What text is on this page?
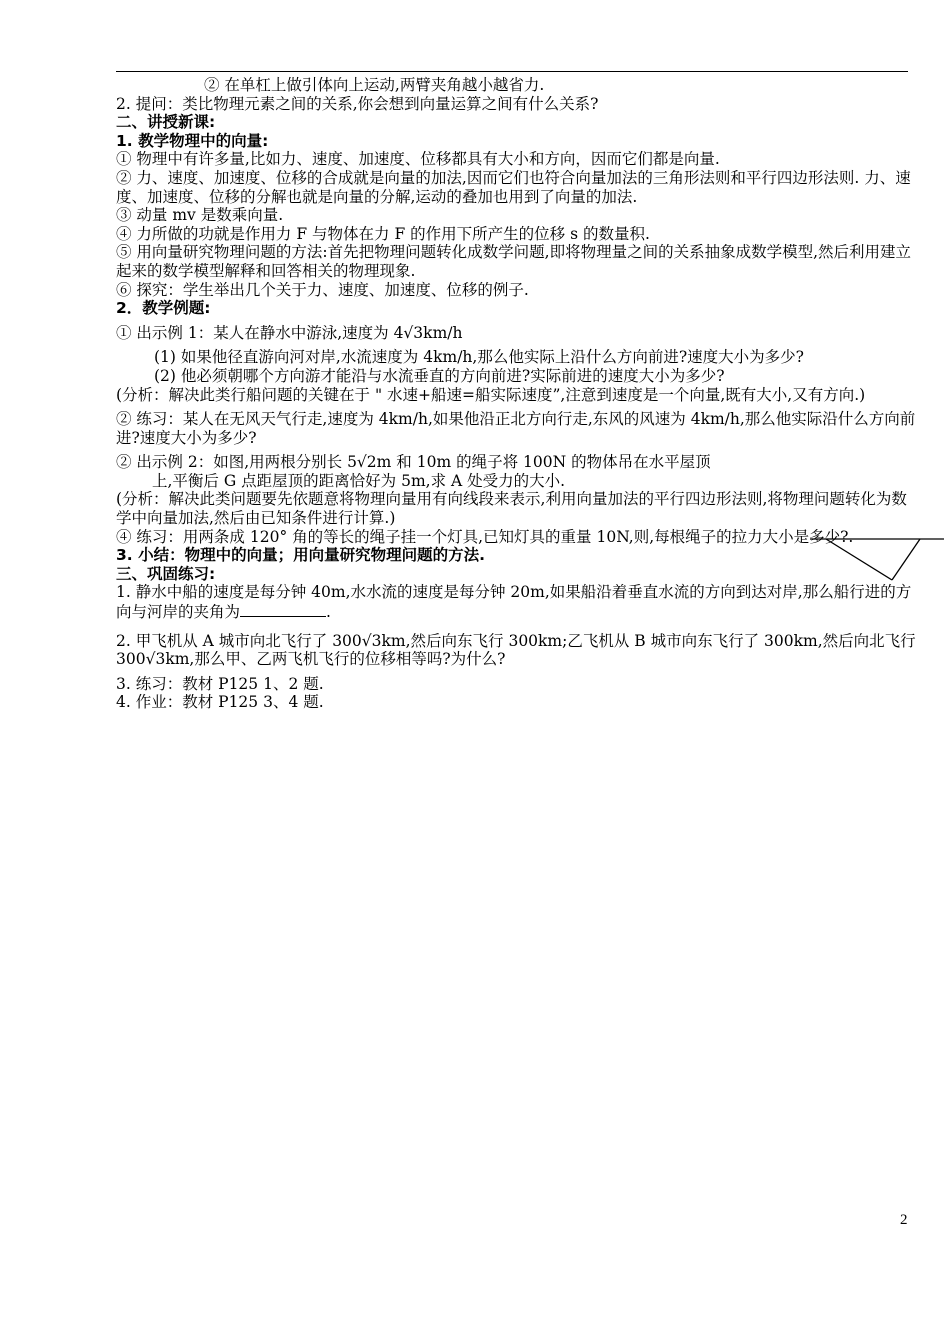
② 在单杠上做引体向上运动,两臂夹角越小越省力.

2. 提问：类比物理元素之间的关系,你会想到向量运算之间有什么关系?

二、讲授新课:

1. 教学物理中的向量:

① 物理中有许多量,比如力、速度、加速度、位移都具有大小和方向，因而它们都是向量.

② 力、速度、加速度、位移的合成就是向量的加法,因而它们也符合向量加法的三角形法则和平行四边形法则. 力、速度、加速度、位移的分解也就是向量的分解,运动的叠加也用到了向量的加法.

③ 动量 mv 是数乘向量.

④ 力所做的功就是作用力 F 与物体在力 F 的作用下所产生的位移 s 的数量积.

⑤ 用向量研究物理问题的方法:首先把物理问题转化成数学问题,即将物理量之间的关系抽象成数学模型,然后利用建立起来的数学模型解释和回答相关的物理现象.

⑥ 探究：学生举出几个关于力、速度、加速度、位移的例子.

2．教学例题:

① 出示例 1：某人在静水中游泳,速度为 4√3km/h

(1) 如果他径直游向河对岸,水流速度为 4km/h,那么他实际上沿什么方向前进?速度大小为多少?

(2) 他必须朝哪个方向游才能沿与水流垂直的方向前进?实际前进的速度大小为多少?

(分析：解决此类行船问题的关键在于 " 水速+船速=船实际速度”,注意到速度是一个向量,既有大小,又有方向.)

② 练习：某人在无风天气行走,速度为 4km/h,如果他沿正北方向行走,东风的风速为 4km/h,那么他实际沿什么方向前进?速度大小为多少?

② 出示例 2：如图,用两根分别长 5√2m 和 10m 的绳子将 100N 的物体吊在水平屋顶

上,平衡后 G 点距屋顶的距离恰好为 5m,求 A 处受力的大小.

(分析：解决此类问题要先依题意将物理向量用有向线段来表示,利用向量加法的平行四边形法则,将物理问题转化为数学中向量加法,然后由已知条件进行计算.)

④ 练习：用两条成 120° 角的等长的绳子挂一个灯具,已知灯具的重量 10N,则,每根绳子的拉力大小是多少?.

3. 小结：物理中的向量；用向量研究物理问题的方法.

三、巩固练习:

1. 静水中船的速度是每分钟 40m,水水流的速度是每分钟 20m,如果船沿着垂直水流的方向到达对岸,那么船行进的方向与河岸的夹角为	.

2. 甲飞机从 A 城市向北飞行了 300√3km,然后向东飞行 300km;乙飞机从 B 城市向东飞行了 300km,然后向北飞行 300√3km,那么甲、乙两飞机飞行的位移相等吗?为什么?

3. 练习：教材 P125 1、2 题.

4. 作业：教材 P125 3、4 题.

2
